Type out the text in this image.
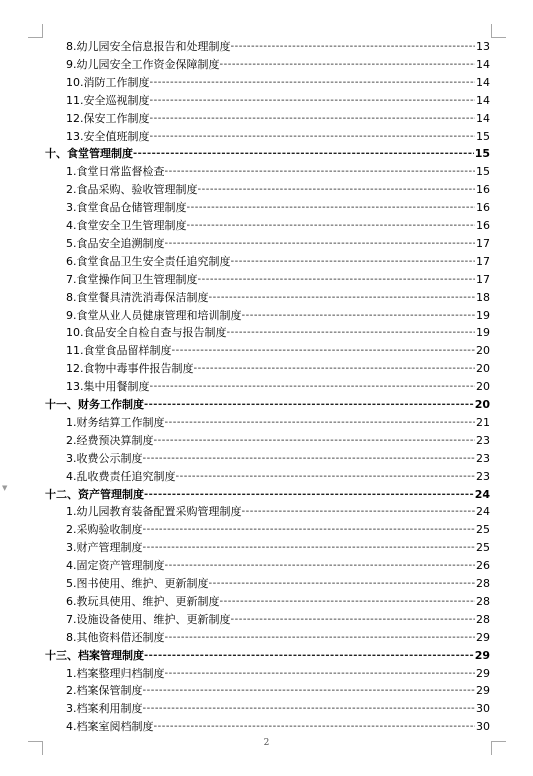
▼
8.幼儿园安全信息报告和处理制度 -----	13
9.幼儿园安全工作资金保障制度 -----	14
10.消防工作制度 -----	14
11.安全巡视制度 -----	14
12.保安工作制度 -----	14
13.安全值班制度 -----	15
十、食堂管理制度 -----	15
1.食堂日常监督检查 -----	15
2.食品采购、验收管理制度 -----	16
3.食堂食品仓储管理制度 -----	16
4.食堂安全卫生管理制度 -----	16
5.食品安全追溯制度 -----	17
6.食堂食品卫生安全责任追究制度 -----	17
7.食堂操作间卫生管理制度 -----	17
8.食堂餐具清洗消毒保洁制度 -----	18
9.食堂从业人员健康管理和培训制度 -----	19
10.食品安全自检自查与报告制度 -----	19
11.食堂食品留样制度 -----	20
12.食物中毒事件报告制度 -----	20
13.集中用餐制度 -----	20
十一、财务工作制度 -----	20
1.财务结算工作制度 -----	21
2.经费预决算制度 -----	23
3.收费公示制度 -----	23
4.乱收费责任追究制度 -----	23
十二、资产管理制度 -----	24
1.幼儿园教育装备配置采购管理制度 -----	24
2.采购验收制度 -----	25
3.财产管理制度 -----	25
4.固定资产管理制度 -----	26
5.图书使用、维护、更新制度 -----	28
6.教玩具使用、维护、更新制度 -----	28
7.设施设备使用、维护、更新制度 -----	28
8.其他资料借还制度 -----	29
十三、档案管理制度 -----	29
1.档案整理归档制度 -----	29
2.档案保管制度 -----	29
3.档案利用制度 -----	30
4.档案室阅档制度 -----	30
2
